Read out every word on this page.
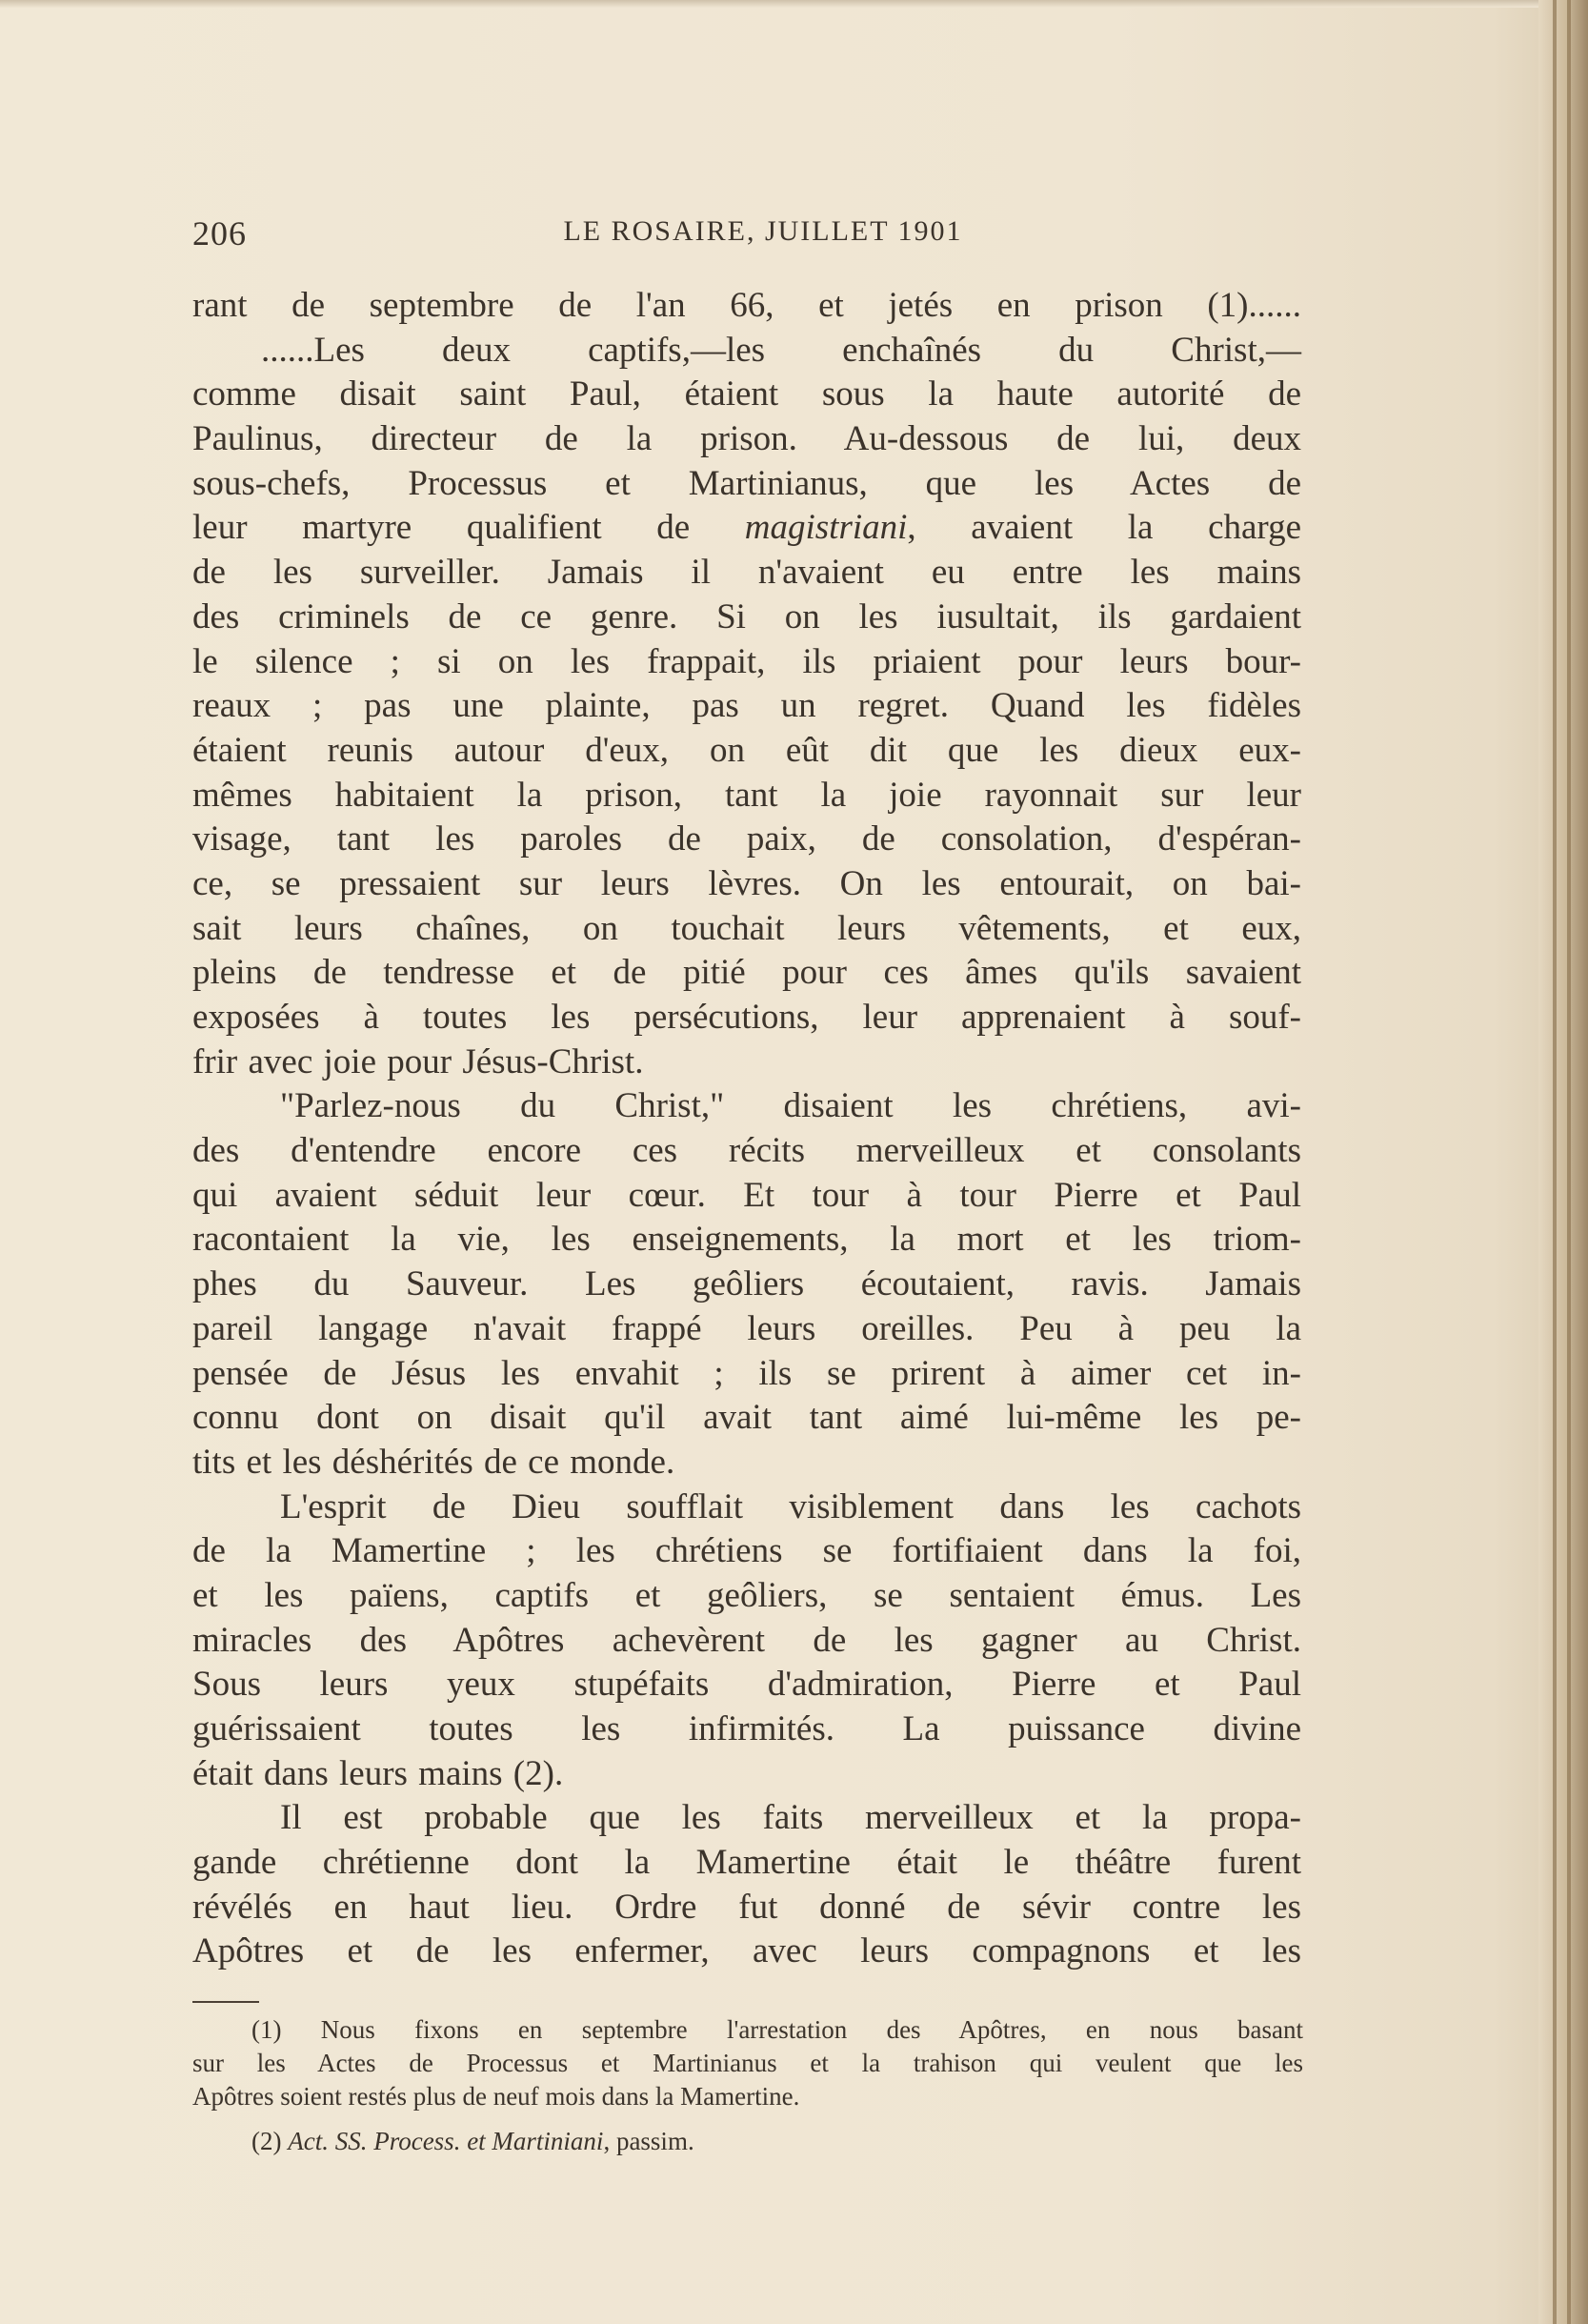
206	LE ROSAIRE, JUILLET 1901
rant de septembre de l'an 66, et jetés en prison (1)......
......Les deux captifs,—les enchaînés du Christ,—
comme disait saint Paul, étaient sous la haute autorité de
Paulinus, directeur de la prison. Au-dessous de lui, deux
sous-chefs, Processus et Martinianus, que les Actes de
leur martyre qualifient de magistriani, avaient la charge
de les surveiller. Jamais il n'avaient eu entre les mains
des criminels de ce genre. Si on les iusultait, ils gardaient
le silence ; si on les frappait, ils priaient pour leurs bour-
reaux ; pas une plainte, pas un regret. Quand les fidèles
étaient reunis autour d'eux, on eût dit que les dieux eux-
mêmes habitaient la prison, tant la joie rayonnait sur leur
visage, tant les paroles de paix, de consolation, d'espéran-
ce, se pressaient sur leurs lèvres. On les entourait, on bai-
sait leurs chaînes, on touchait leurs vêtements, et eux,
pleins de tendresse et de pitié pour ces âmes qu'ils savaient
exposées à toutes les persécutions, leur apprenaient à souf-
frir avec joie pour Jésus-Christ.
"Parlez-nous du Christ," disaient les chrétiens, avi-
des d'entendre encore ces récits merveilleux et consolants
qui avaient séduit leur cœur. Et tour à tour Pierre et Paul
racontaient la vie, les enseignements, la mort et les triom-
phes du Sauveur. Les geôliers écoutaient, ravis. Jamais
pareil langage n'avait frappé leurs oreilles. Peu à peu la
pensée de Jésus les envahit ; ils se prirent à aimer cet in-
connu dont on disait qu'il avait tant aimé lui-même les pe-
tits et les déshérités de ce monde.
L'esprit de Dieu soufflait visiblement dans les cachots
de la Mamertine ; les chrétiens se fortifiaient dans la foi,
et les païens, captifs et geôliers, se sentaient émus. Les
miracles des Apôtres achevèrent de les gagner au Christ.
Sous leurs yeux stupéfaits d'admiration, Pierre et Paul
guérissaient toutes les infirmités. La puissance divine
était dans leurs mains (2).
Il est probable que les faits merveilleux et la propa-
gande chrétienne dont la Mamertine était le théâtre furent
révélés en haut lieu. Ordre fut donné de sévir contre les
Apôtres et de les enfermer, avec leurs compagnons et les
(1) Nous fixons en septembre l'arrestation des Apôtres, en nous basant
sur les Actes de Processus et Martinianus et la trahison qui veulent que les
Apôtres soient restés plus de neuf mois dans la Mamertine.
(2) Act. SS. Process. et Martiniani, passim.
